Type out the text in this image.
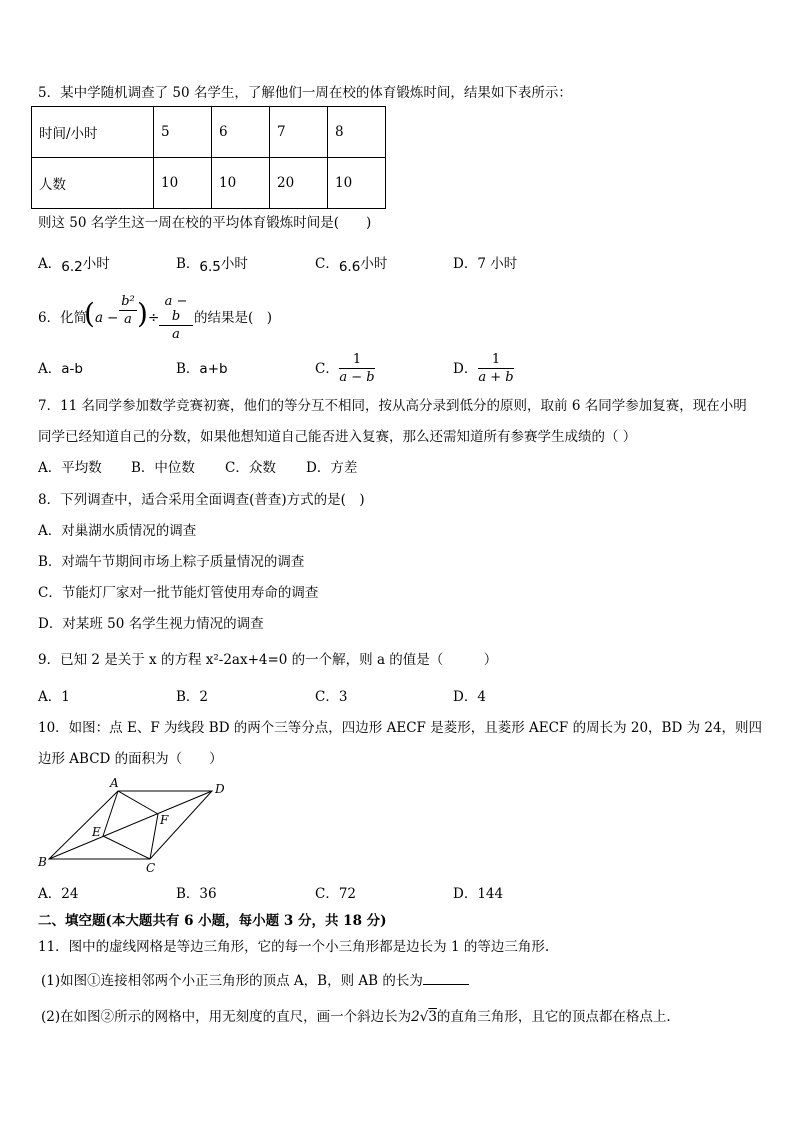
5．某中学随机调查了 50 名学生，了解他们一周在校的体育锻炼时间，结果如下表所示：
时间/小时	5	6	7	8
人数	10	10	20	10
则这 50 名学生这一周在校的平均体育锻炼时间是(　　)
A．6.2小时	B．6.5小时	C．6.6小时	D．7 小时
6．化简
( a −
b²
a ) ÷
a − b
a
的结果是(　)
A．a-b	B．a+b	C．
1
a − b
D．
1
a + b
7．11 名同学参加数学竞赛初赛，他们的等分互不相同，按从高分录到低分的原则，取前 6 名同学参加复赛，现在小明
同学已经知道自己的分数，如果他想知道自己能否进入复赛，那么还需知道所有参赛学生成绩的（ ）
A．平均数 B．中位数 C．众数 D．方差
8．下列调查中，适合采用全面调查(普查)方式的是(　)
A．对巢湖水质情况的调查
B．对端午节期间市场上粽子质量情况的调查
C．节能灯厂家对一批节能灯管使用寿命的调查
D．对某班 50 名学生视力情况的调查
9．已知 2 是关于 x 的方程 x²-2ax+4=0 的一个解，则 a 的值是（　　　）
A．1	B．2	C．3	D．4
10．如图：点 E、F 为线段 BD 的两个三等分点，四边形 AECF 是菱形，且菱形 AECF 的周长为 20，BD 为 24，则四
边形 ABCD 的面积为（　　）
A	D
B	C
E
F
A．24	B．36	C．72	D．144
二、填空题(本大题共有 6 小题，每小题 3 分，共 18 分)
11．图中的虚线网格是等边三角形，它的每一个小三角形都是边长为 1 的等边三角形.
(1)如图①连接相邻两个小正三角形的顶点 A，B，则 AB 的长为
(2)在如图②所示的网格中，用无刻度的直尺，画一个斜边长为2√3的直角三角形，且它的顶点都在格点上.
